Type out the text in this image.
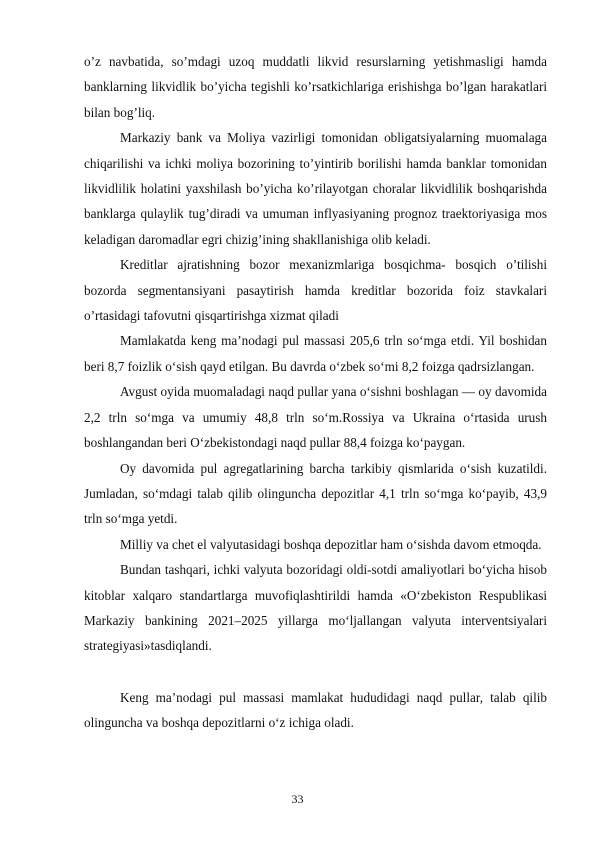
o’z navbatida, so’mdagi uzoq muddatli likvid resurslarning yetishmasligi hamda banklarning likvidlik bo’yicha tegishli ko’rsatkichlariga erishishga bo’lgan harakatlari bilan bog’liq.

Markaziy bank va Moliya vazirligi tomonidan obligatsiyalarning muomalaga chiqarilishi va ichki moliya bozorining to’yintirib borilishi hamda banklar tomonidan likvidlilik holatini yaxshilash bo’yicha ko’rilayotgan choralar likvidlilik boshqarishda banklarga qulaylik tug’diradi va umuman inflyasiyaning prognoz traektoriyasiga mos keladigan daromadlar egri chizig’ining shakllanishiga olib keladi.

Kreditlar ajratishning bozor mexanizmlariga bosqichma- bosqich o’tilishi bozorda segmentansiyani pasaytirish hamda kreditlar bozorida foiz stavkalari o’rtasidagi tafovutni qisqartirishga xizmat qiladi

Mamlakatda keng ma’nodagi pul massasi 205,6 trln so‘mga etdi. Yil boshidan beri 8,7 foizlik o‘sish qayd etilgan. Bu davrda o‘zbek so‘mi 8,2 foizga qadrsizlangan.

Avgust oyida muomaladagi naqd pullar yana o‘sishni boshlagan — oy davomida 2,2 trln so‘mga va umumiy 48,8 trln so‘m.Rossiya va Ukraina o‘rtasida urush boshlangandan beri O‘zbekistondagi naqd pullar 88,4 foizga ko‘paygan.

Oy davomida pul agregatlarining barcha tarkibiy qismlarida o‘sish kuzatildi. Jumladan, so‘mdagi talab qilib olinguncha depozitlar 4,1 trln so‘mga ko‘payib, 43,9 trln so‘mga yetdi.

Milliy va chet el valyutasidagi boshqa depozitlar ham o‘sishda davom etmoqda.

Bundan tashqari, ichki valyuta bozoridagi oldi-sotdi amaliyotlari bo‘yicha hisob kitoblar xalqaro standartlarga muvofiqlashtirildi hamda «O‘zbekiston Respublikasi Markaziy bankining 2021–2025 yillarga mo‘ljallangan valyuta interventsiyalari strategiyasi»tasdiqlandi.

Keng ma’nodagi pul massasi mamlakat hududidagi naqd pullar, talab qilib olinguncha va boshqa depozitlarni o‘z ichiga oladi.

33
